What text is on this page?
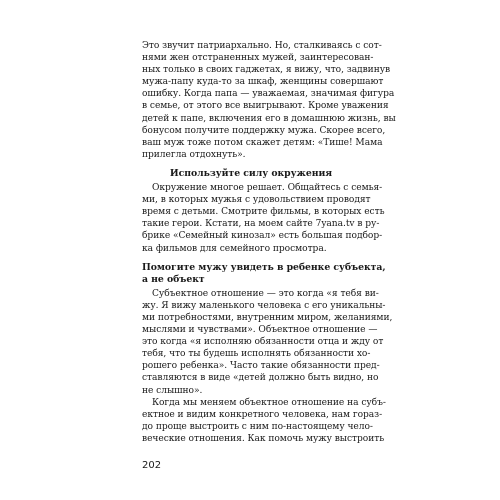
Это звучит патриархально. Но, сталкиваясь с сот-
нями жен отстраненных мужей, заинтересован-
ных только в своих гаджетах, я вижу, что, задвинув
мужа-папу куда-то за шкаф, женщины совершают
ошибку. Когда папа — уважаемая, значимая фигура
в семье, от этого все выигрывают. Кроме уважения
детей к папе, включения его в домашнюю жизнь, вы
бонусом получите поддержку мужа. Скорее всего,
ваш муж тоже потом скажет детям: «Тише! Мама
прилегла отдохнуть».
Используйте силу окружения
Окружение многое решает. Общайтесь с семья-
ми, в которых мужья с удовольствием проводят
время с детьми. Смотрите фильмы, в которых есть
такие герои. Кстати, на моем сайте 7yana.tv в ру-
брике «Семейный кинозал» есть большая подбор-
ка фильмов для семейного просмотра.
Помогите мужу увидеть в ребенке субъекта,
а не объект
Субъектное отношение — это когда «я тебя ви-
жу. Я вижу маленького человека с его уникальны-
ми потребностями, внутренним миром, желаниями,
мыслями и чувствами». Объектное отношение —
это когда «я исполняю обязанности отца и жду от
тебя, что ты будешь исполнять обязанности хо-
рошего ребенка». Часто такие обязанности пред-
ставляются в виде «детей должно быть видно, но
не слышно».
Когда мы меняем объектное отношение на субъ-
ектное и видим конкретного человека, нам гораз-
до проще выстроить с ним по-настоящему чело-
веческие отношения. Как помочь мужу выстроить
202
